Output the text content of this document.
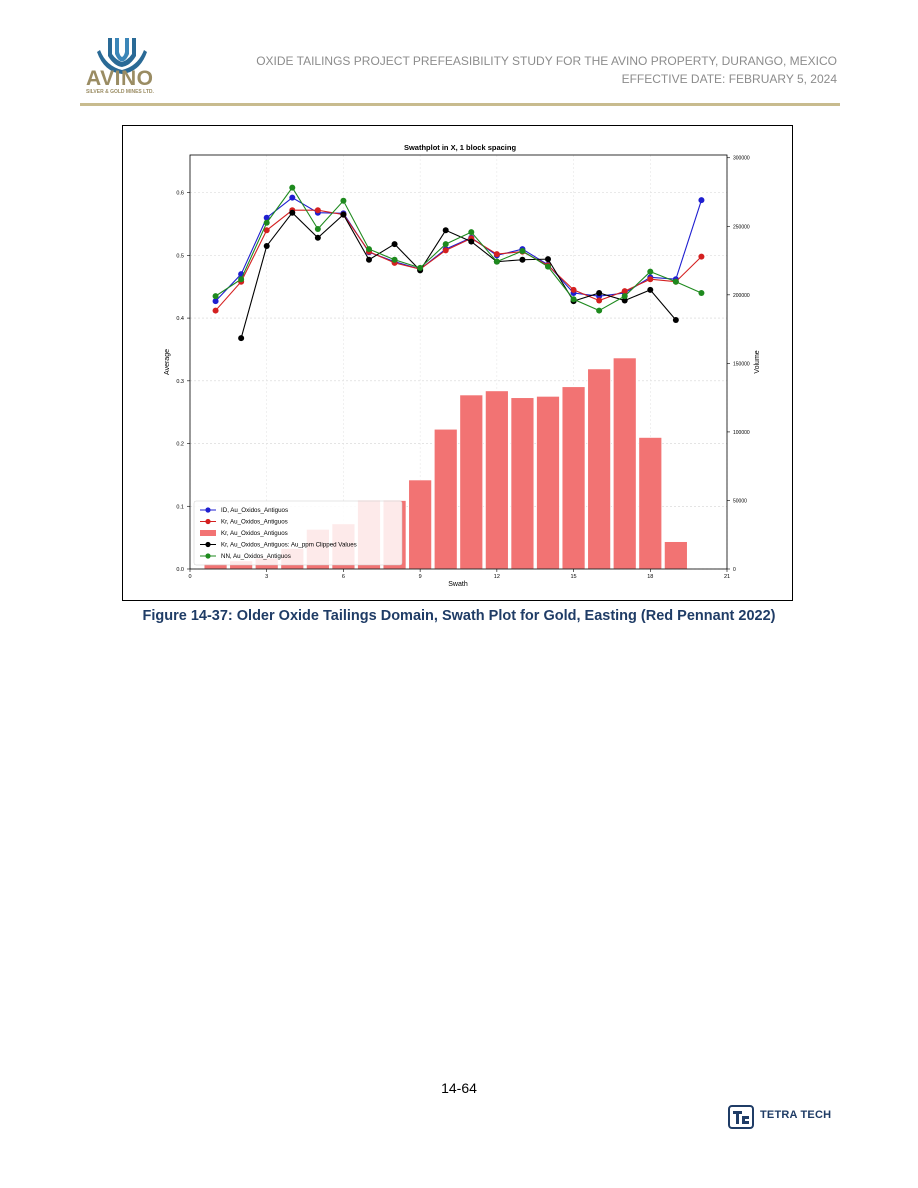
AVINO
SILVER & GOLD MINES LTD.
OXIDE TAILINGS PROJECT PREFEASIBILITY STUDY FOR THE AVINO PROPERTY, DURANGO, MEXICO
EFFECTIVE DATE: FEBRUARY 5, 2024
Swathplot in X, 1 block spacing
0	3	6	9	12	15	18	21
0.0
0.1
0.2
0.3
0.4
0.5
0.6
0
50000
100000
150000
200000
250000
300000
Swath
Average	Volume
ID, Au_Oxidos_Antiguos
Kr, Au_Oxidos_Antiguos
Kr, Au_Oxidos_Antiguos
Kr, Au_Oxidos_Antiguos: Au_ppm Clipped Values
NN, Au_Oxidos_Antiguos
Figure 14-37: Older Oxide Tailings Domain, Swath Plot for Gold, Easting (Red Pennant 2022)
14-64
TETRA TECH
